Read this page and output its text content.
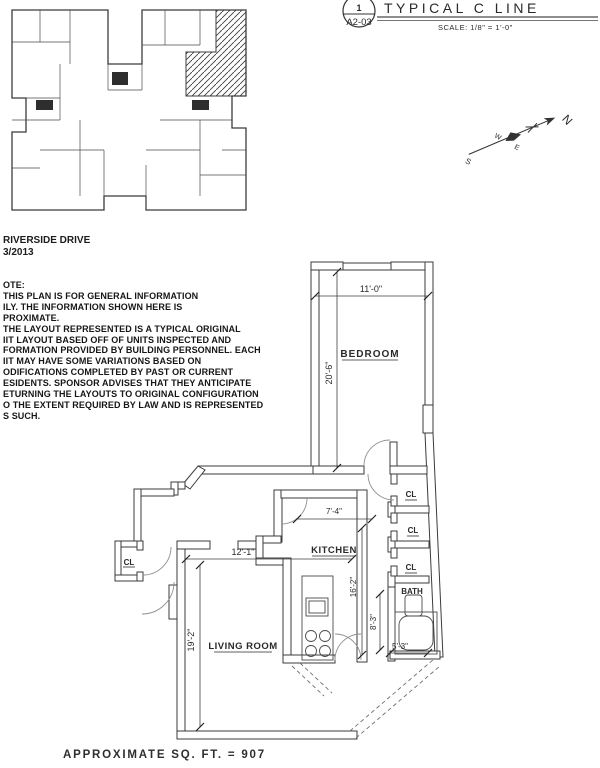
1
A2-03
TYPICAL C LINE
SCALE: 1/8" = 1'-0"
N
S
W
E
11'-0"
20'-6"
7'-4"
16'-2"
12'-1"
19'-2"
8'-3"
5'-3"
BEDROOM
KITCHEN
LIVING ROOM
BATH
CL
CL
CL
CL
RIVERSIDE DRIVE
3/2013
OTE:
THIS PLAN IS FOR GENERAL INFORMATION
ILY. THE INFORMATION SHOWN HERE IS
PROXIMATE.
THE LAYOUT REPRESENTED IS A TYPICAL ORIGINAL
IIT LAYOUT BASED OFF OF UNITS INSPECTED AND
FORMATION PROVIDED BY BUILDING PERSONNEL. EACH
IIT MAY HAVE SOME VARIATIONS BASED ON
ODIFICATIONS COMPLETED BY PAST OR CURRENT
ESIDENTS. SPONSOR ADVISES THAT THEY ANTICIPATE
ETURNING THE LAYOUTS TO ORIGINAL CONFIGURATION
O THE EXTENT REQUIRED BY LAW AND IS REPRESENTED
S SUCH.
APPROXIMATE SQ. FT. = 907
